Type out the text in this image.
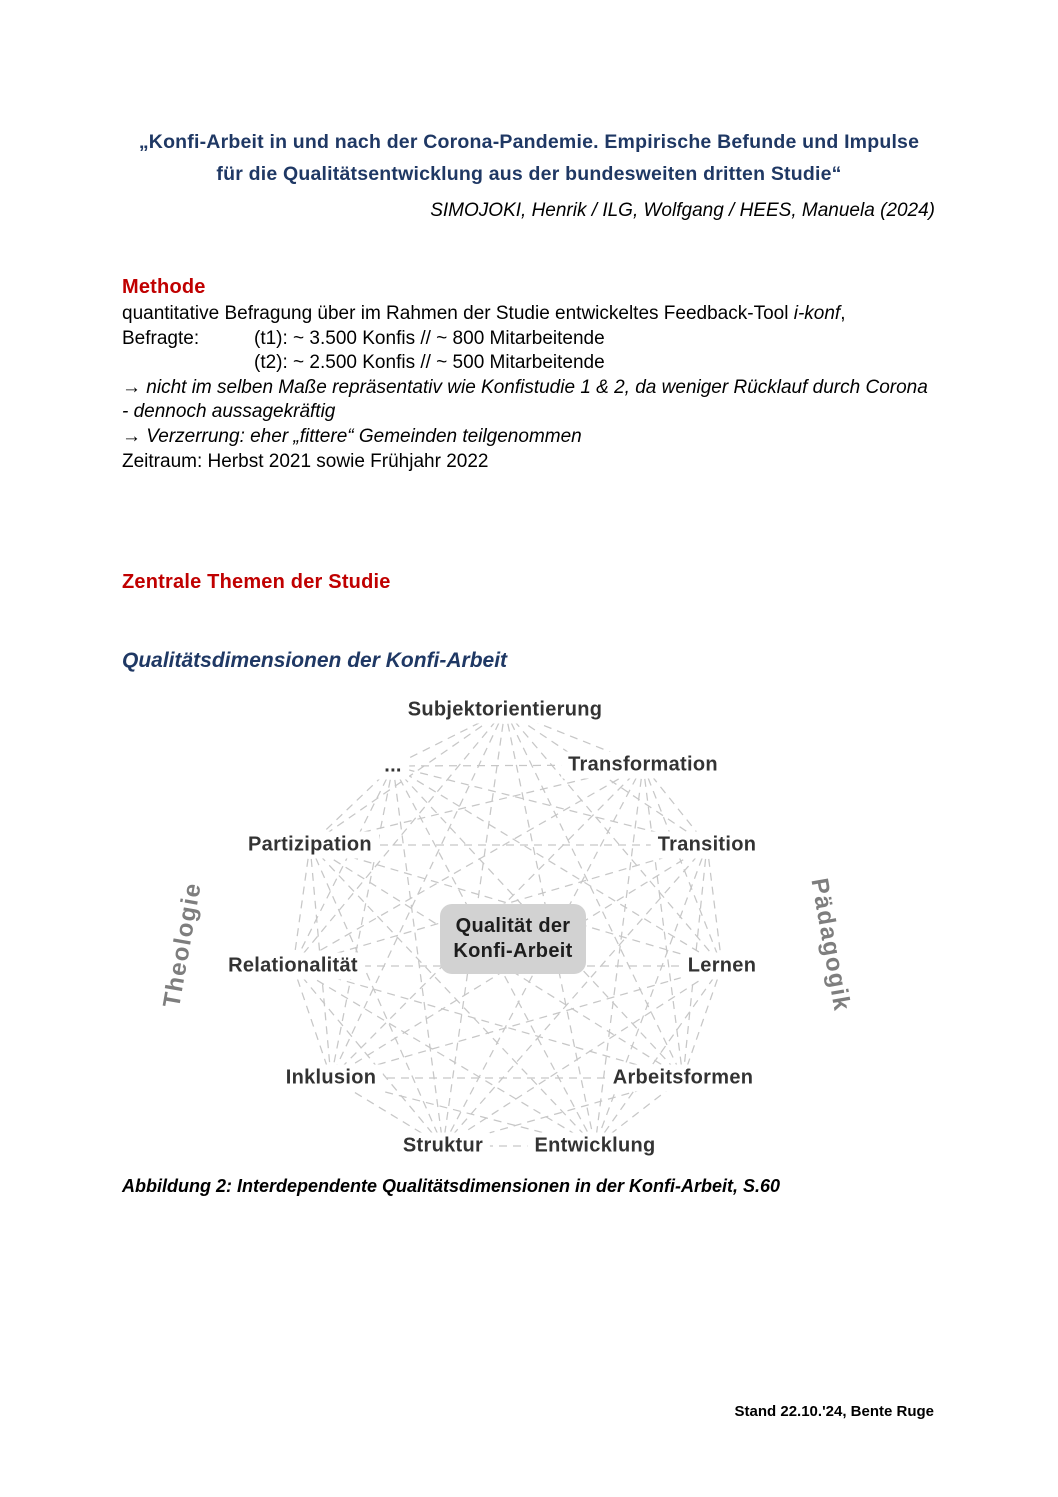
„Konfi-Arbeit in und nach der Corona-Pandemie. Empirische Befunde und Impulse
für die Qualitätsentwicklung aus der bundesweiten dritten Studie“
SIMOJOKI, Henrik / ILG, Wolfgang / HEES, Manuela (2024)
Methode

quantitative Befragung über im Rahmen der Studie entwickeltes Feedback-Tool i-konf,

Befragte:	(t1): ~ 3.500 Konfis // ~ 800 Mitarbeitende

(t2): ~ 2.500 Konfis // ~ 500 Mitarbeitende

→ nicht im selben Maße repräsentativ wie Konfistudie 1 & 2, da weniger Rücklauf durch Corona - dennoch aussagekräftig

→ Verzerrung: eher „fittere“ Gemeinden teilgenommen

Zeitraum: Herbst 2021 sowie Frühjahr 2022

Zentrale Themen der Studie
Qualitätsdimensionen der Konfi-Arbeit
Subjektorientierung
...	Transformation
Partizipation	Transition
Relationalität	Lernen
Inklusion	Arbeitsformen
Struktur	Entwicklung
Qualität der
Konfi-Arbeit
Theologie	Pädagogik
Abbildung 2: Interdependente Qualitätsdimensionen in der Konfi-Arbeit, S.60
Stand 22.10.'24, Bente Ruge
